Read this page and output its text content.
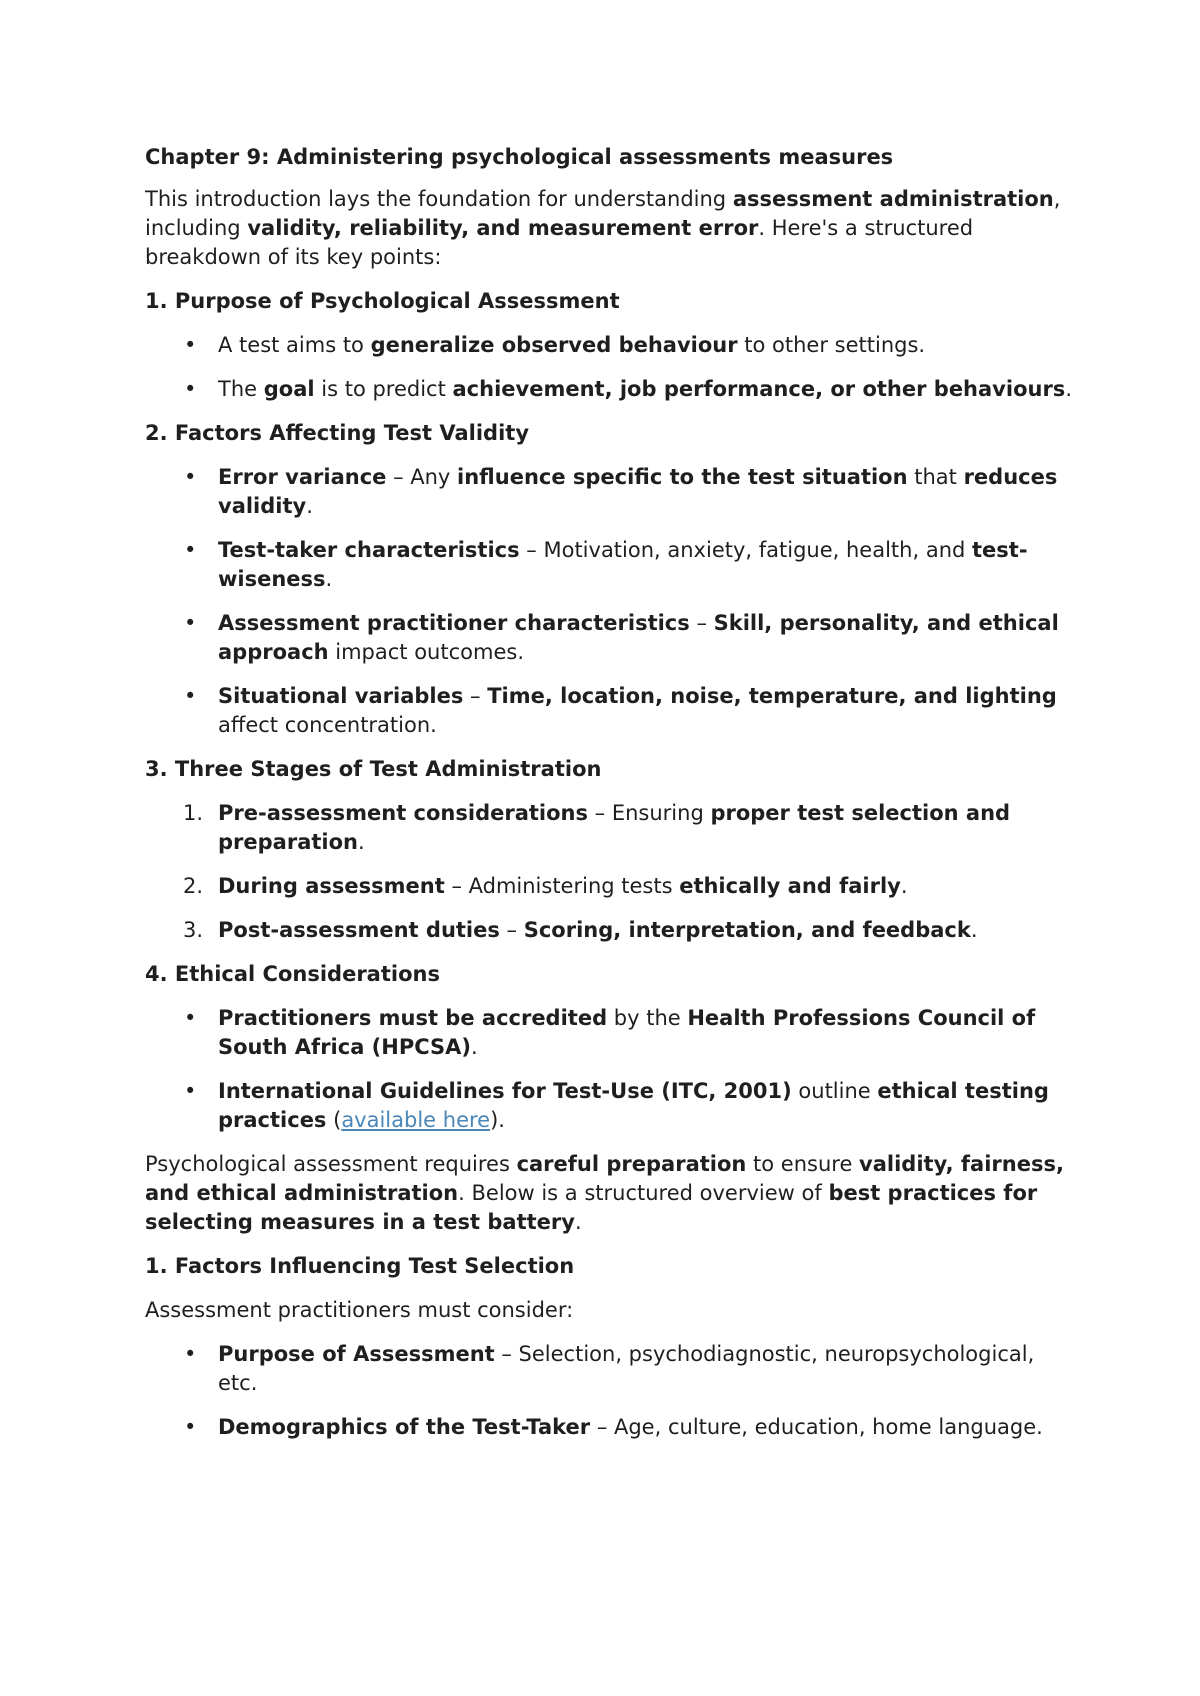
Chapter 9: Administering psychological assessments measures

This introduction lays the foundation for understanding assessment administration, including validity, reliability, and measurement error. Here's a structured breakdown of its key points:

1. Purpose of Psychological Assessment
• A test aims to generalize observed behaviour to other settings.
• The goal is to predict achievement, job performance, or other behaviours.
2. Factors Affecting Test Validity
• Error variance – Any influence specific to the test situation that reduces validity.
• Test-taker characteristics – Motivation, anxiety, fatigue, health, and test-wiseness.
• Assessment practitioner characteristics – Skill, personality, and ethical approach impact outcomes.
• Situational variables – Time, location, noise, temperature, and lighting affect concentration.
3. Three Stages of Test Administration
1. Pre-assessment considerations – Ensuring proper test selection and preparation.
2. During assessment – Administering tests ethically and fairly.
3. Post-assessment duties – Scoring, interpretation, and feedback.
4. Ethical Considerations
• Practitioners must be accredited by the Health Professions Council of South Africa (HPCSA).
• International Guidelines for Test-Use (ITC, 2001) outline ethical testing practices (available here).

Psychological assessment requires careful preparation to ensure validity, fairness, and ethical administration. Below is a structured overview of best practices for selecting measures in a test battery.

1. Factors Influencing Test Selection

Assessment practitioners must consider:

• Purpose of Assessment – Selection, psychodiagnostic, neuropsychological, etc.
• Demographics of the Test-Taker – Age, culture, education, home language.
